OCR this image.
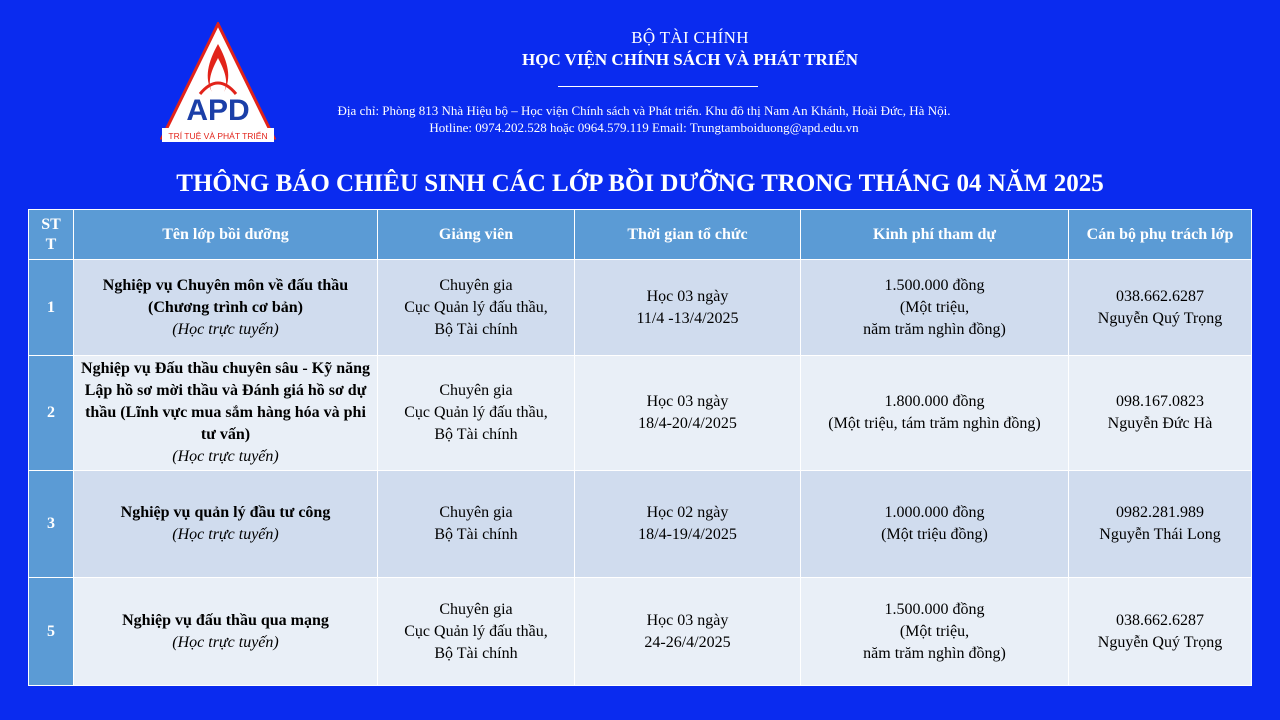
APD
TRÍ TUỆ VÀ PHÁT TRIỂN
BỘ TÀI CHÍNH
HỌC VIỆN CHÍNH SÁCH VÀ PHÁT TRIỂN
Địa chỉ: Phòng 813 Nhà Hiệu bộ – Học viện Chính sách và Phát triển. Khu đô thị Nam An Khánh, Hoài Đức, Hà Nội.
Hotline: 0974.202.528 hoặc 0964.579.119 Email: Trungtamboiduong@apd.edu.vn
THÔNG BÁO CHIÊU SINH CÁC LỚP BỒI DƯỠNG TRONG THÁNG 04 NĂM 2025
ST T	Tên lớp bồi dưỡng	Giảng viên	Thời gian tổ chức	Kinh phí tham dự	Cán bộ phụ trách lớp
1	Nghiệp vụ Chuyên môn về đấu thầu (Chương trình cơ bản)
(Học trực tuyến)	Chuyên gia
Cục Quản lý đấu thầu,
Bộ Tài chính	Học 03 ngày
11/4 -13/4/2025	1.500.000 đồng
(Một triệu,
năm trăm nghìn đồng)	038.662.6287
Nguyễn Quý Trọng

2	Nghiệp vụ Đấu thầu chuyên sâu - Kỹ năng Lập hồ sơ mời thầu và Đánh giá hồ sơ dự thầu (Lĩnh vực mua sắm hàng hóa và phi tư vấn)
(Học trực tuyến)	Chuyên gia
Cục Quản lý đấu thầu,
Bộ Tài chính	Học 03 ngày
18/4-20/4/2025	1.800.000 đồng
(Một triệu, tám trăm nghìn đồng)	098.167.0823
Nguyễn Đức Hà

3	Nghiệp vụ quản lý đầu tư công
(Học trực tuyến)	Chuyên gia
Bộ Tài chính	Học 02 ngày
18/4-19/4/2025	1.000.000 đồng
(Một triệu đồng)	0982.281.989
Nguyễn Thái Long

5	Nghiệp vụ đấu thầu qua mạng
(Học trực tuyến)	Chuyên gia
Cục Quản lý đấu thầu,
Bộ Tài chính	Học 03 ngày
24-26/4/2025	1.500.000 đồng
(Một triệu,
năm trăm nghìn đồng)	038.662.6287
Nguyễn Quý Trọng
